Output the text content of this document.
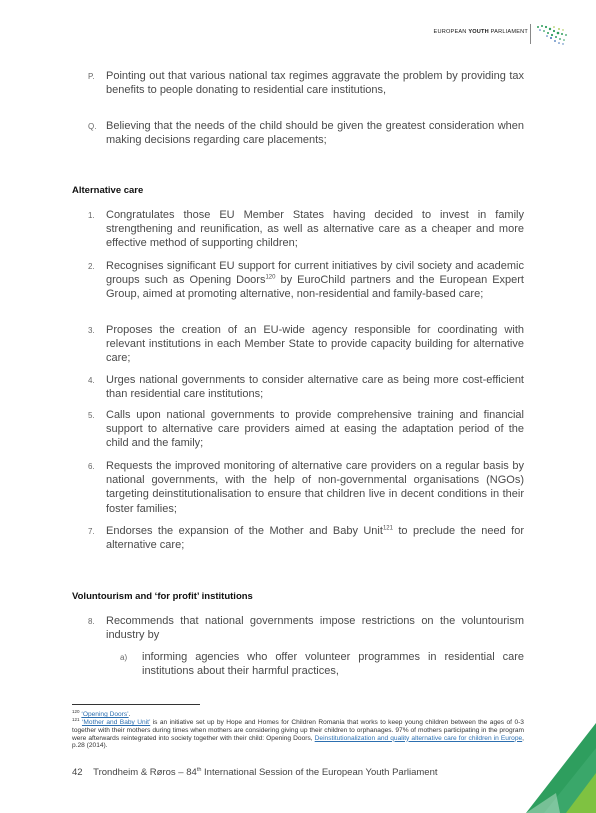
EUROPEAN YOUTH PARLIAMENT
P. Pointing out that various national tax regimes aggravate the problem by providing tax benefits to people donating to residential care institutions,
Q. Believing that the needs of the child should be given the greatest consideration when making decisions regarding care placements;
Alternative care
1. Congratulates those EU Member States having decided to invest in family strengthening and reunification, as well as alternative care as a cheaper and more effective method of supporting children;
2. Recognises significant EU support for current initiatives by civil society and academic groups such as Opening Doors$^{120}$ by EuroChild partners and the European Expert Group, aimed at promoting alternative, non-residential and family-based care;
3. Proposes the creation of an EU-wide agency responsible for coordinating with relevant institutions in each Member State to provide capacity building for alternative care;
4. Urges national governments to consider alternative care as being more cost-efficient than residential care institutions;
5. Calls upon national governments to provide comprehensive training and financial support to alternative care providers aimed at easing the adaptation period of the child and the family;
6. Requests the improved monitoring of alternative care providers on a regular basis by national governments, with the help of non-governmental organisations (NGOs) targeting deinstitutionalisation to ensure that children live in decent conditions in their foster families;
7. Endorses the expansion of the Mother and Baby Unit$^{121}$ to preclude the need for alternative care;
Voluntourism and ‘for profit’ institutions
8. Recommends that national governments impose restrictions on the voluntourism industry by
a) informing agencies who offer volunteer programmes in residential care institutions about their harmful practices,
$^{120}$ ‘Opening Doors’.
$^{121}$ ‘Mother and Baby Unit’ is an initiative set up by Hope and Homes for Children Romania that works to keep young children between the ages of 0-3 together with their mothers during times when mothers are considering giving up their children to orphanages. 97% of mothers participating in the program were afterwards reintegrated into society together with their child: Opening Doors, Deinstitutionalization and quality alternative care for children in Europe, p.28 (2014).
42 Trondheim & Røros – 84th International Session of the European Youth Parliament
